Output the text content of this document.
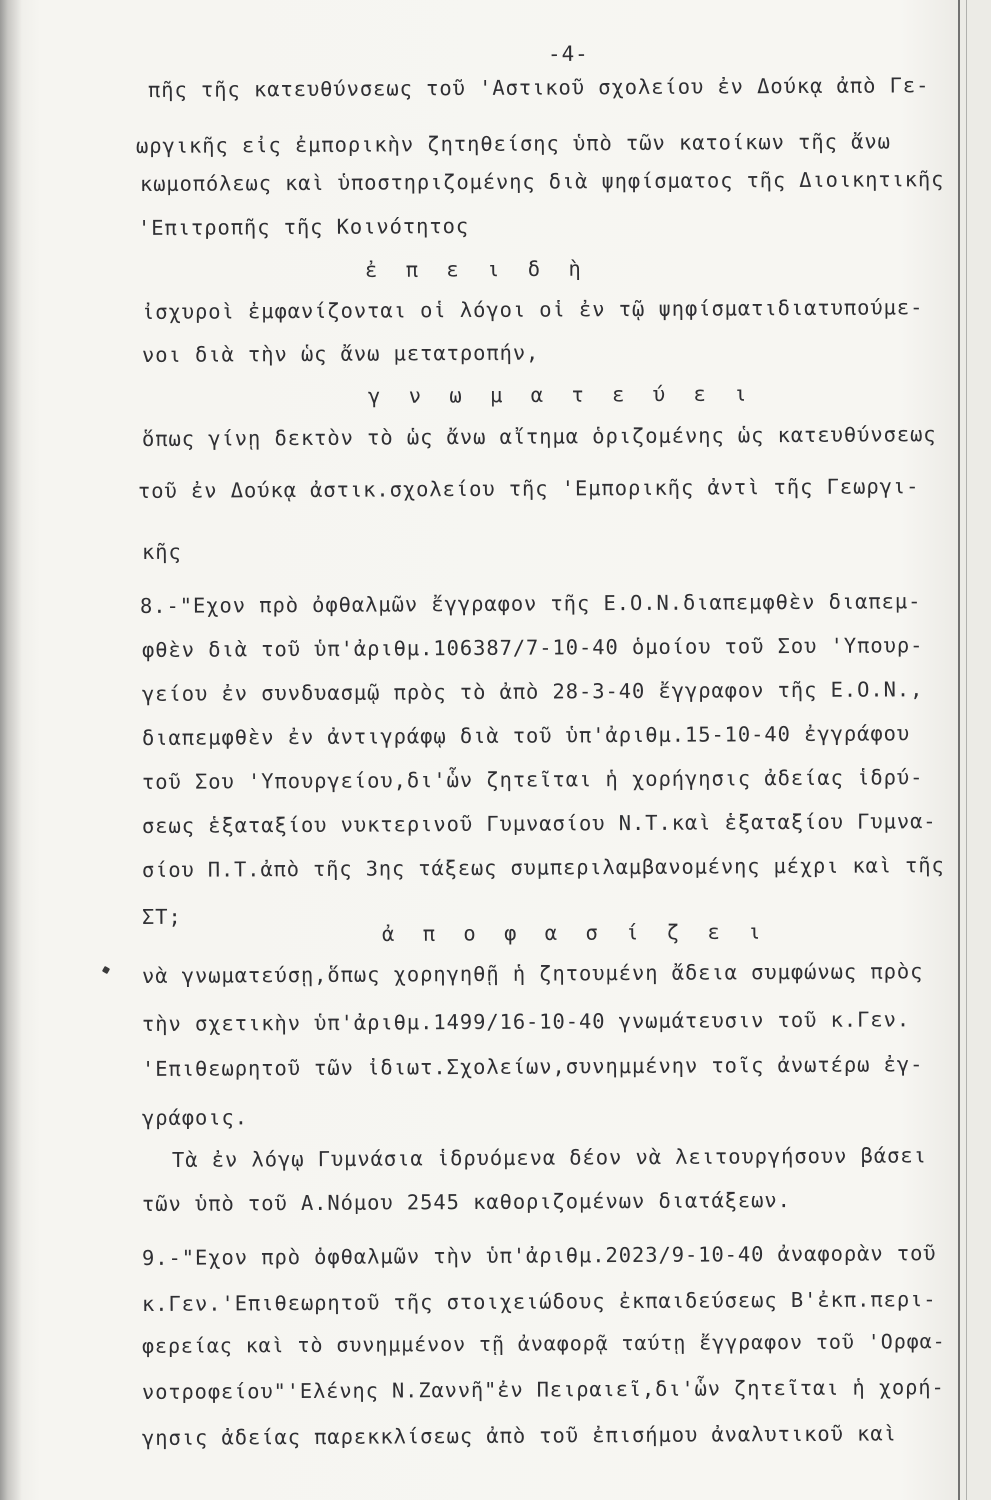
-4-
πῆς τῆς κατευθύνσεως τοῦ 'Αστικοῦ σχολείου ἐν Δούκᾳ ἀπὸ Γε-
ωργικῆς εἰς ἐμπορικὴν ζητηθείσης ὑπὸ τῶν κατοίκων τῆς ἄνω
κωμοπόλεως καὶ ὑποστηριζομένης διὰ ψηφίσματος τῆς Διοικητικῆς
'Επιτροπῆς τῆς Κοινότητος
ἐ π ε ι δ ὴ
ἰσχυροὶ ἐμφανίζονται οἱ λόγοι οἱ ἐν τῷ ψηφίσματιδιατυπούμε-
νοι διὰ τὴν ὡς ἄνω μετατροπήν,
γ ν ω μ α τ ε ύ ε ι
ὅπως γίνῃ δεκτὸν τὸ ὡς ἄνω αἴτημα ὁριζομένης ὡς κατευθύνσεως
τοῦ ἐν Δούκᾳ ἀστικ.σχολείου τῆς 'Εμπορικῆς ἀντὶ τῆς Γεωργι-
κῆς
8.-"Εχον πρὸ ὀφθαλμῶν ἔγγραφον τῆς Ε.Ο.Ν.διαπεμφθὲν διαπεμ-
φθὲν διὰ τοῦ ὑπ'ἀριθμ.106387/7-10-40 ὁμοίου τοῦ Σου 'Υπουρ-
γείου ἐν συνδυασμῷ πρὸς τὸ ἀπὸ 28-3-40 ἔγγραφον τῆς Ε.Ο.Ν.,
διαπεμφθὲν ἐν ἀντιγράφῳ διὰ τοῦ ὑπ'ἀριθμ.15-10-40 ἐγγράφου
τοῦ Σου 'Υπουργείου,δι'ὧν ζητεῖται ἡ χορήγησις ἀδείας ἱδρύ-
σεως ἑξαταξίου νυκτερινοῦ Γυμνασίου Ν.Τ.καὶ ἑξαταξίου Γυμνα-
σίου Π.Τ.ἀπὸ τῆς 3ης τάξεως συμπεριλαμβανομένης μέχρι καὶ τῆς
ΣΤ;
ἀ π ο φ α σ ί ζ ε ι
νὰ γνωματεύσῃ,ὅπως χορηγηθῇ ἡ ζητουμένη ἄδεια συμφώνως πρὸς
τὴν σχετικὴν ὑπ'ἀριθμ.1499/16-10-40 γνωμάτευσιν τοῦ κ.Γεν.
'Επιθεωρητοῦ τῶν ἰδιωτ.Σχολείων,συνημμένην τοῖς ἀνωτέρω ἐγ-
γράφοις.
Τὰ ἐν λόγῳ Γυμνάσια ἱδρυόμενα δέον νὰ λειτουργήσουν βάσει
τῶν ὑπὸ τοῦ Α.Νόμου 2545 καθοριζομένων διατάξεων.
9.-"Εχον πρὸ ὀφθαλμῶν τὴν ὑπ'ἀριθμ.2023/9-10-40 ἀναφορὰν τοῦ
κ.Γεν.'Επιθεωρητοῦ τῆς στοιχειώδους ἐκπαιδεύσεως Β'ἐκπ.περι-
φερείας καὶ τὸ συνημμένον τῇ ἀναφορᾷ ταύτῃ ἔγγραφον τοῦ 'Ορφα-
νοτροφείου"'Ελένης Ν.Ζαννῆ"ἐν Πειραιεῖ,δι'ὧν ζητεῖται ἡ χορή-
γησις ἀδείας παρεκκλίσεως ἀπὸ τοῦ ἐπισήμου ἀναλυτικοῦ καὶ
